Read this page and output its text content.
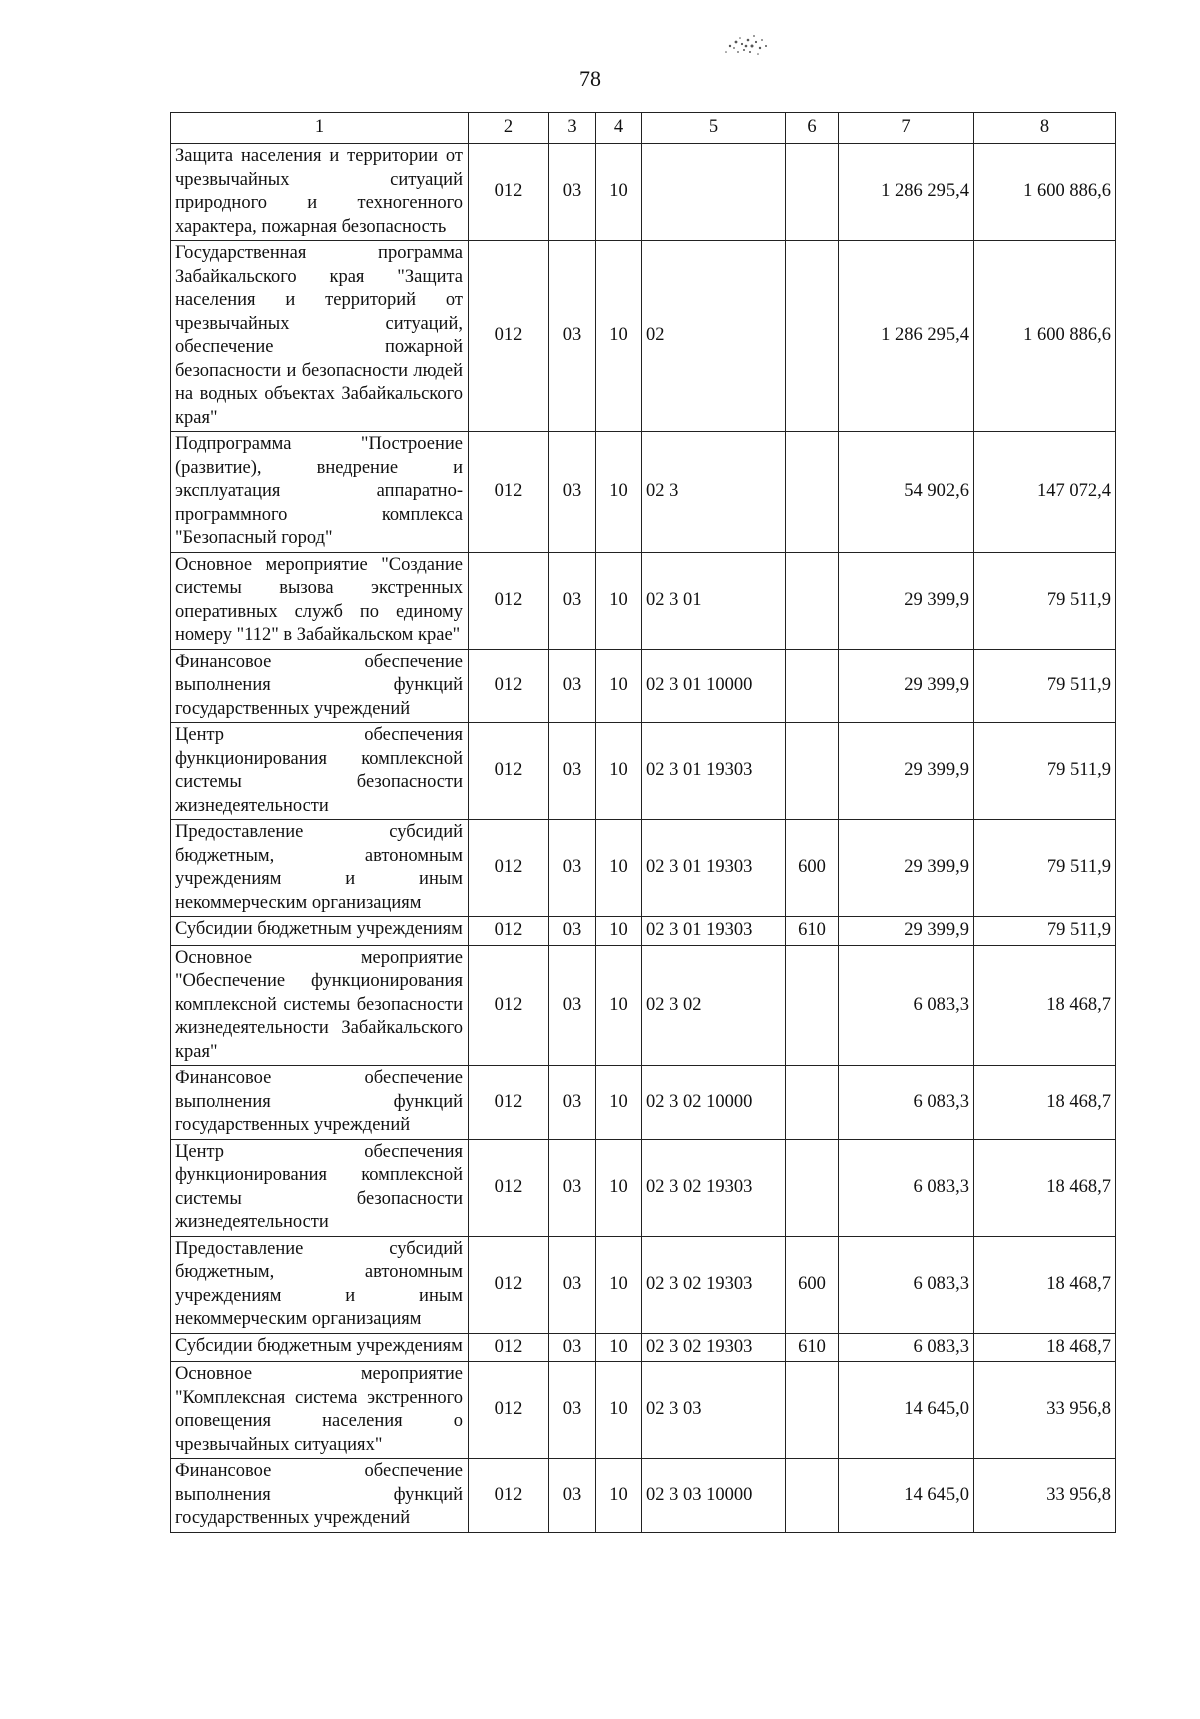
78
1	2	3	4	5	6	7	8
Защита населения и территории от чрезвычайных ситуаций природного и техногенного характера, пожарная безопасность	012	03	10			1 286 295,4	1 600 886,6
Государственная программа Забайкальского края "Защита населения и территорий от чрезвычайных ситуаций, обеспечение пожарной безопасности и безопасности людей на водных объектах Забайкальского края"	012	03	10	02		1 286 295,4	1 600 886,6
Подпрограмма "Построение (развитие), внедрение и эксплуатация аппаратно-программного комплекса "Безопасный город"	012	03	10	02 3		54 902,6	147 072,4
Основное мероприятие "Создание системы вызова экстренных оперативных служб по единому номеру "112" в Забайкальском крае"	012	03	10	02 3 01		29 399,9	79 511,9
Финансовое обеспечение выполнения функций государственных учреждений	012	03	10	02 3 01 10000		29 399,9	79 511,9
Центр обеспечения функционирования комплексной системы безопасности жизнедеятельности	012	03	10	02 3 01 19303		29 399,9	79 511,9
Предоставление субсидий бюджетным, автономным учреждениям и иным некоммерческим организациям	012	03	10	02 3 01 19303	600	29 399,9	79 511,9
Субсидии бюджетным учреждениям	012	03	10	02 3 01 19303	610	29 399,9	79 511,9
Основное мероприятие "Обеспечение функционирования комплексной системы безопасности жизнедеятельности Забайкальского края"	012	03	10	02 3 02		6 083,3	18 468,7
Финансовое обеспечение выполнения функций государственных учреждений	012	03	10	02 3 02 10000		6 083,3	18 468,7
Центр обеспечения функционирования комплексной системы безопасности жизнедеятельности	012	03	10	02 3 02 19303		6 083,3	18 468,7
Предоставление субсидий бюджетным, автономным учреждениям и иным некоммерческим организациям	012	03	10	02 3 02 19303	600	6 083,3	18 468,7
Субсидии бюджетным учреждениям	012	03	10	02 3 02 19303	610	6 083,3	18 468,7
Основное мероприятие "Комплексная система экстренного оповещения населения о чрезвычайных ситуациях"	012	03	10	02 3 03		14 645,0	33 956,8
Финансовое обеспечение выполнения функций государственных учреждений	012	03	10	02 3 03 10000		14 645,0	33 956,8
